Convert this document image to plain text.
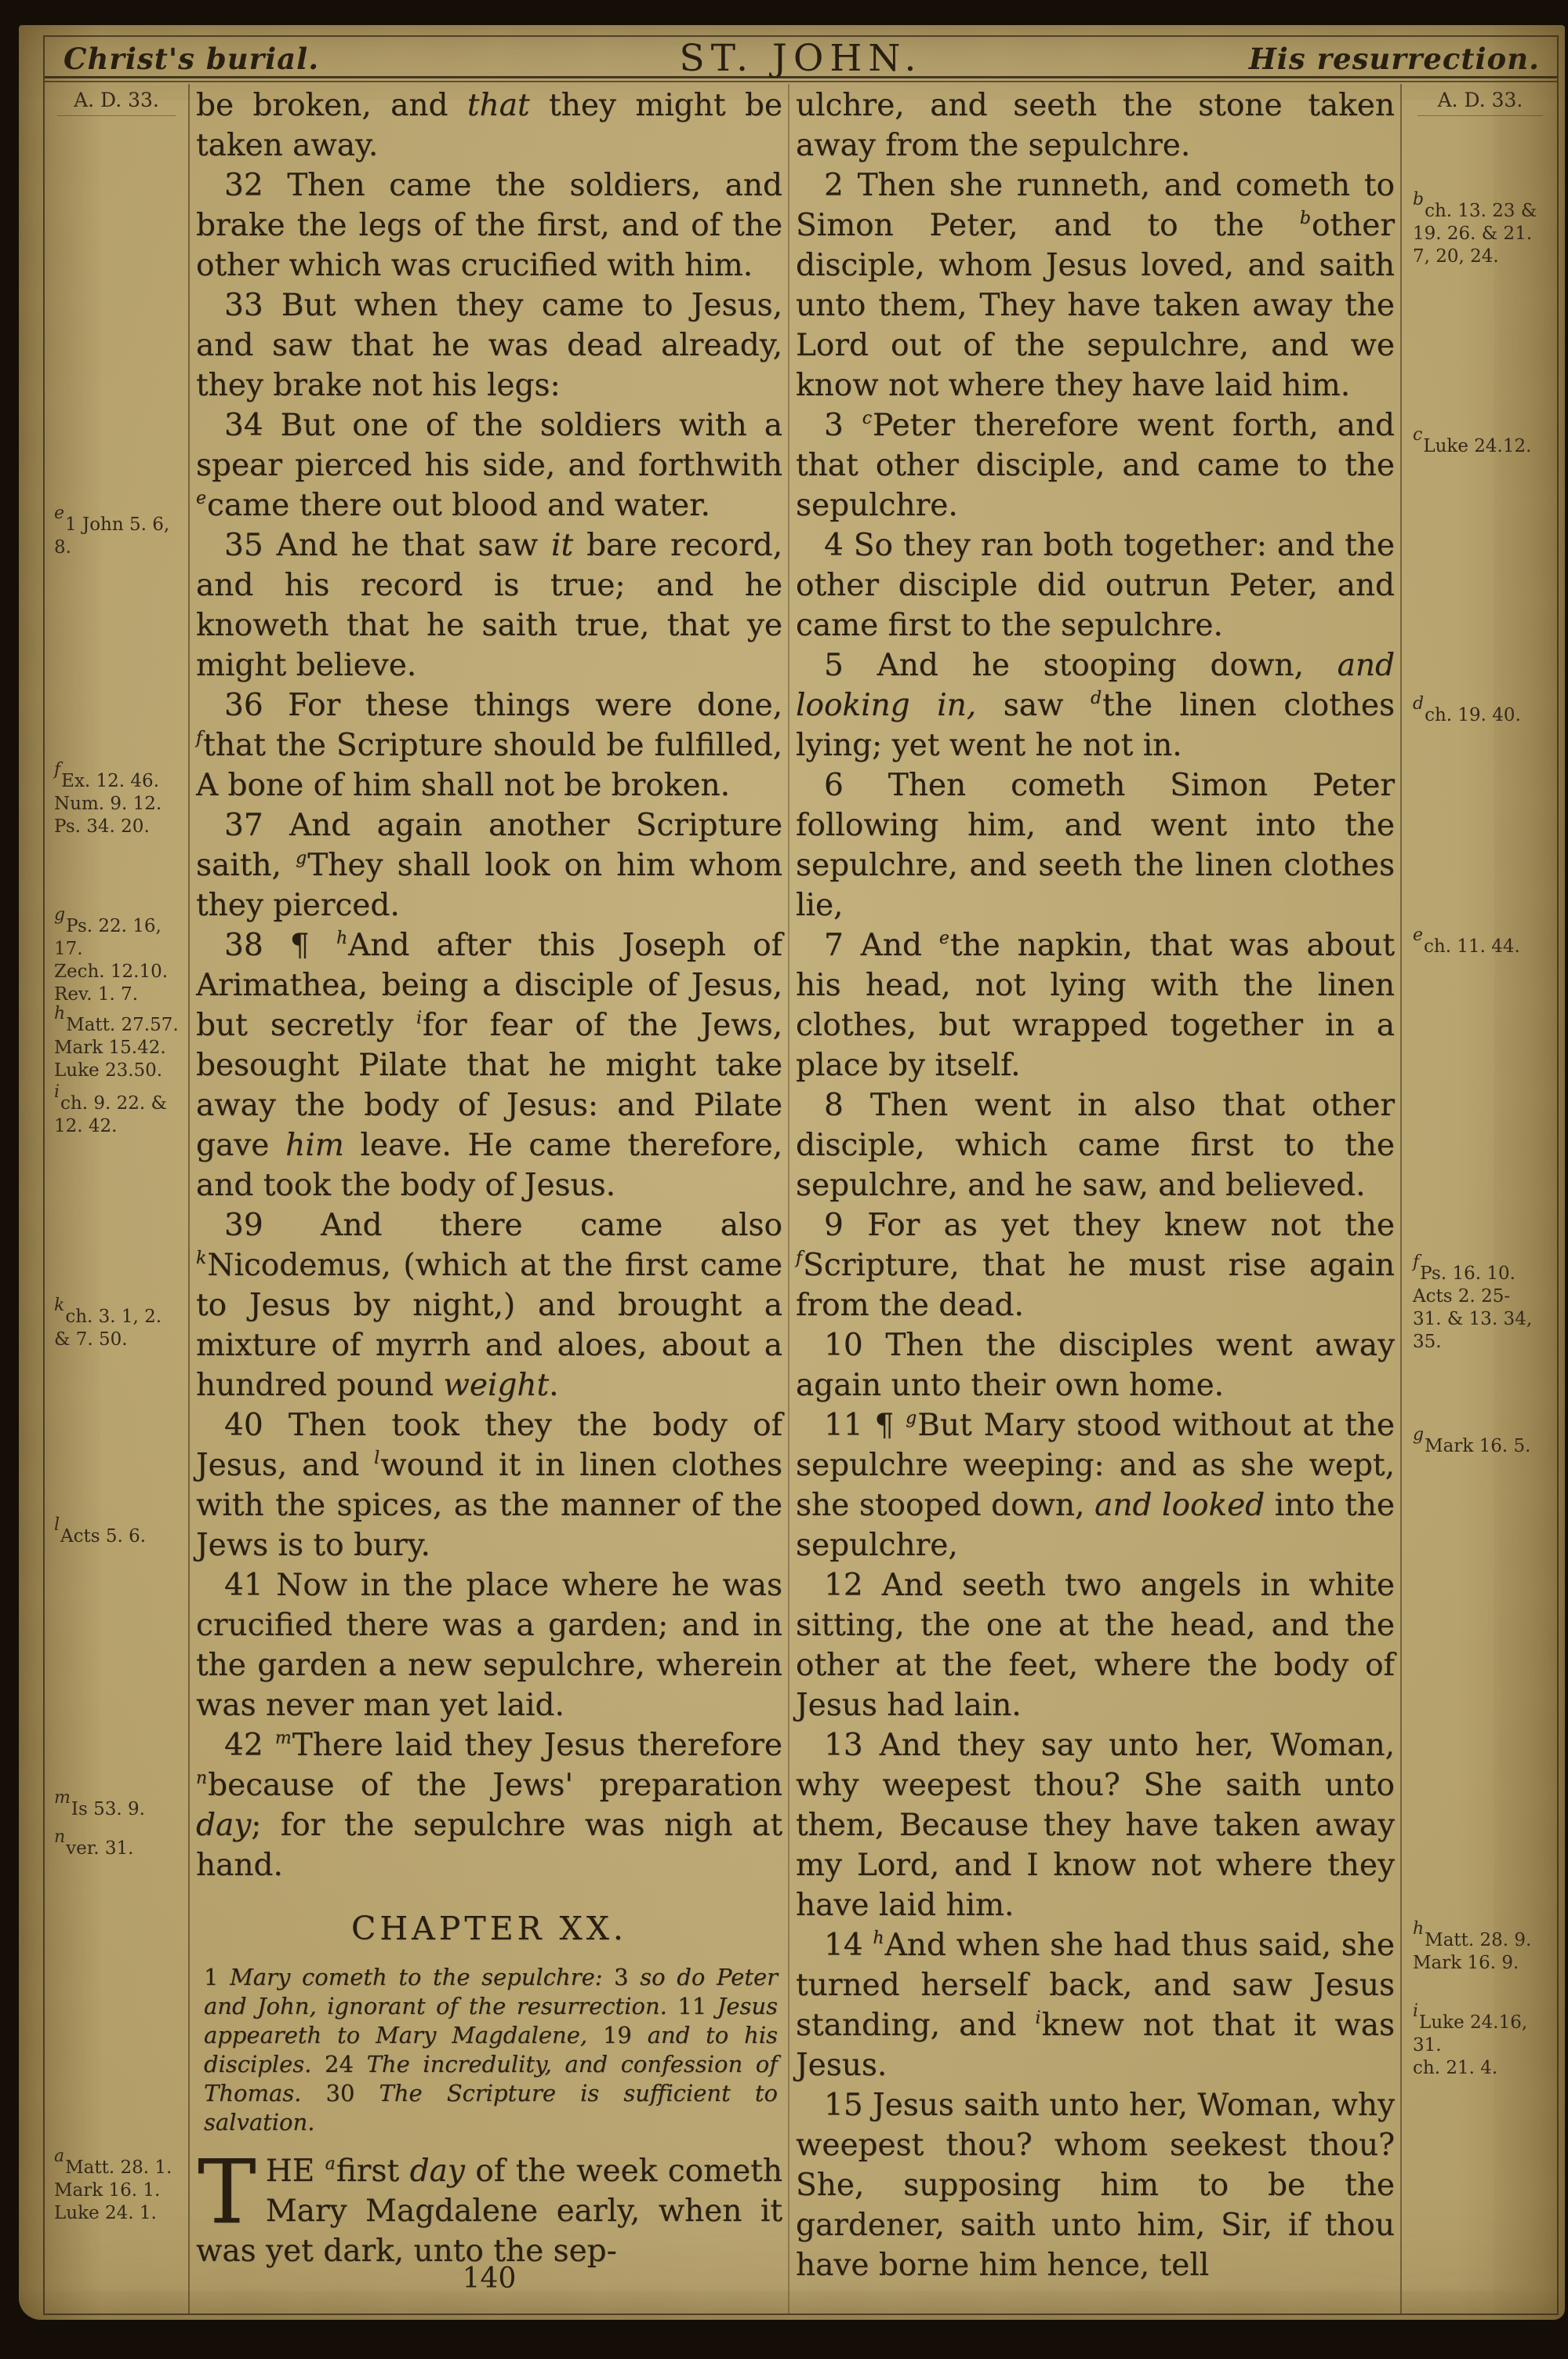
Christ's burial.	ST. JOHN.	His resurrection.
A. D. 33.
$^e$1 John 5. 6,
8.
$^f$Ex. 12. 46.
Num. 9. 12.
Ps. 34. 20.
$^g$Ps. 22. 16,
17.
Zech. 12.10.
Rev. 1. 7.
$^h$Matt. 27.57.
Mark 15.42.
Luke 23.50.
$^i$ch. 9. 22. &
12. 42.
$^k$ch. 3. 1, 2.
& 7. 50.
$^l$Acts 5. 6.
$^m$Is 53. 9.
$^n$ver. 31.
$^a$Matt. 28. 1.
Mark 16. 1.
Luke 24. 1.

be broken, and that they might be taken away.

32 Then came the soldiers, and brake the legs of the first, and of the other which was crucified with him.

33 But when they came to Jesus, and saw that he was dead already, they brake not his legs:

34 But one of the soldiers with a spear pierced his side, and forthwith $^e$came there out blood and water.

35 And he that saw it bare record, and his record is true; and he knoweth that he saith true, that ye might believe.

36 For these things were done, $^f$that the Scripture should be fulfilled, A bone of him shall not be broken.

37 And again another Scripture saith, $^g$They shall look on him whom they pierced.

38 ¶ $^h$And after this Joseph of Arimathea, being a disciple of Jesus, but secretly $^i$for fear of the Jews, besought Pilate that he might take away the body of Jesus: and Pilate gave him leave. He came therefore, and took the body of Jesus.

39 And there came also $^k$Nicodemus, (which at the first came to Jesus by night,) and brought a mixture of myrrh and aloes, about a hundred pound weight.

40 Then took they the body of Jesus, and $^l$wound it in linen clothes with the spices, as the manner of the Jews is to bury.

41 Now in the place where he was crucified there was a garden; and in the garden a new sepulchre, wherein was never man yet laid.

42 $^m$There laid they Jesus therefore $^n$because of the Jews' preparation day; for the sepulchre was nigh at hand.

CHAPTER XX.

1 Mary cometh to the sepulchre: 3 so do Peter and John, ignorant of the resurrection. 11 Jesus appeareth to Mary Magdalene, 19 and to his disciples. 24 The incredulity, and confession of Thomas. 30 The Scripture is sufficient to salvation.

THE $^a$first day of the week cometh Mary Magdalene early, when it was yet dark, unto the sep-

ulchre, and seeth the stone taken away from the sepulchre.

2 Then she runneth, and cometh to Simon Peter, and to the $^b$other disciple, whom Jesus loved, and saith unto them, They have taken away the Lord out of the sepulchre, and we know not where they have laid him.

3 $^c$Peter therefore went forth, and that other disciple, and came to the sepulchre.

4 So they ran both together: and the other disciple did outrun Peter, and came first to the sepulchre.

5 And he stooping down, and looking in, saw $^d$the linen clothes lying; yet went he not in.

6 Then cometh Simon Peter following him, and went into the sepulchre, and seeth the linen clothes lie,

7 And $^e$the napkin, that was about his head, not lying with the linen clothes, but wrapped together in a place by itself.

8 Then went in also that other disciple, which came first to the sepulchre, and he saw, and believed.

9 For as yet they knew not the $^f$Scripture, that he must rise again from the dead.

10 Then the disciples went away again unto their own home.

11 ¶ $^g$But Mary stood without at the sepulchre weeping: and as she wept, she stooped down, and looked into the sepulchre,

12 And seeth two angels in white sitting, the one at the head, and the other at the feet, where the body of Jesus had lain.

13 And they say unto her, Woman, why weepest thou? She saith unto them, Because they have taken away my Lord, and I know not where they have laid him.

14 $^h$And when she had thus said, she turned herself back, and saw Jesus standing, and $^i$knew not that it was Jesus.

15 Jesus saith unto her, Woman, why weepest thou? whom seekest thou? She, supposing him to be the gardener, saith unto him, Sir, if thou have borne him hence, tell

A. D. 33.
$^b$ch. 13. 23 &
19. 26. & 21.
7, 20, 24.
$^c$Luke 24.12.
$^d$ch. 19. 40.
$^e$ch. 11. 44.
$^f$Ps. 16. 10.
Acts 2. 25-
31. & 13. 34,
35.
$^g$Mark 16. 5.
$^h$Matt. 28. 9.
Mark 16. 9.
$^i$Luke 24.16,
31.
ch. 21. 4.
140
